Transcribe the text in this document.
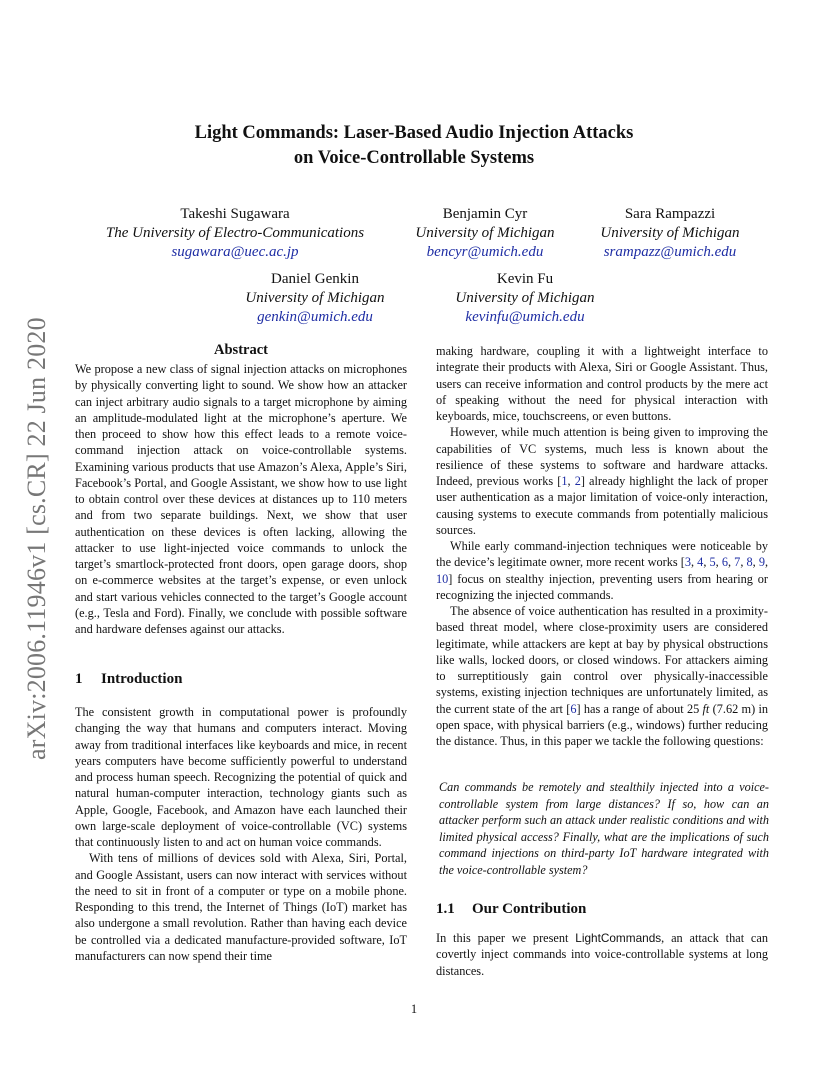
arXiv:2006.11946v1 [cs.CR] 22 Jun 2020
Light Commands: Laser-Based Audio Injection Attacks
on Voice-Controllable Systems
Takeshi Sugawara
The University of Electro-Communications
sugawara@uec.ac.jp
Benjamin Cyr
University of Michigan
bencyr@umich.edu
Sara Rampazzi
University of Michigan
srampazz@umich.edu
Daniel Genkin
University of Michigan
genkin@umich.edu
Kevin Fu
University of Michigan
kevinfu@umich.edu
Abstract

We propose a new class of signal injection attacks on microphones by physically converting light to sound. We show how an attacker can inject arbitrary audio signals to a target microphone by aiming an amplitude-modulated light at the microphone’s aperture. We then proceed to show how this effect leads to a remote voice-command injection attack on voice-controllable systems. Examining various products that use Amazon’s Alexa, Apple’s Siri, Facebook’s Portal, and Google Assistant, we show how to use light to obtain control over these devices at distances up to 110 meters and from two separate buildings. Next, we show that user authentication on these devices is often lacking, allowing the attacker to use light-injected voice commands to unlock the target’s smartlock-protected front doors, open garage doors, shop on e-commerce websites at the target’s expense, or even unlock and start various vehicles connected to the target’s Google account (e.g., Tesla and Ford). Finally, we conclude with possible software and hardware defenses against our attacks.

1 Introduction

The consistent growth in computational power is profoundly changing the way that humans and computers interact. Moving away from traditional interfaces like keyboards and mice, in recent years computers have become sufficiently powerful to understand and process human speech. Recognizing the potential of quick and natural human-computer interaction, technology giants such as Apple, Google, Facebook, and Amazon have each launched their own large-scale deployment of voice-controllable (VC) systems that continuously listen to and act on human voice commands.

With tens of millions of devices sold with Alexa, Siri, Portal, and Google Assistant, users can now interact with services without the need to sit in front of a computer or type on a mobile phone. Responding to this trend, the Internet of Things (IoT) market has also undergone a small revolution. Rather than having each device be controlled via a dedicated manufacture-provided software, IoT manufacturers can now spend their time

making hardware, coupling it with a lightweight interface to integrate their products with Alexa, Siri or Google Assistant. Thus, users can receive information and control products by the mere act of speaking without the need for physical interaction with keyboards, mice, touchscreens, or even buttons.

However, while much attention is being given to improving the capabilities of VC systems, much less is known about the resilience of these systems to software and hardware attacks. Indeed, previous works [1, 2] already highlight the lack of proper user authentication as a major limitation of voice-only interaction, causing systems to execute commands from potentially malicious sources.

While early command-injection techniques were noticeable by the device’s legitimate owner, more recent works [3, 4, 5, 6, 7, 8, 9, 10] focus on stealthy injection, preventing users from hearing or recognizing the injected commands.

The absence of voice authentication has resulted in a proximity-based threat model, where close-proximity users are considered legitimate, while attackers are kept at bay by physical obstructions like walls, locked doors, or closed windows. For attackers aiming to surreptitiously gain control over physically-inaccessible systems, existing injection techniques are unfortunately limited, as the current state of the art [6] has a range of about 25 ft (7.62 m) in open space, with physical barriers (e.g., windows) further reducing the distance. Thus, in this paper we tackle the following questions:

Can commands be remotely and stealthily injected into a voice-controllable system from large distances? If so, how can an attacker perform such an attack under realistic conditions and with limited physical access? Finally, what are the implications of such command injections on third-party IoT hardware integrated with the voice-controllable system?
1.1 Our Contribution

In this paper we present LightCommands, an attack that can covertly inject commands into voice-controllable systems at long distances.

1
